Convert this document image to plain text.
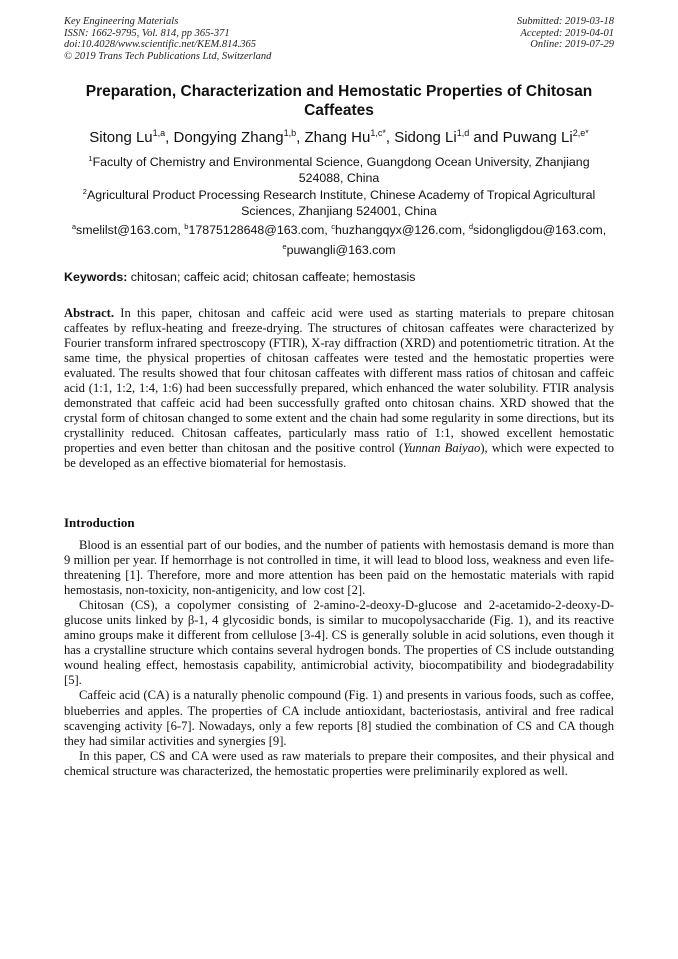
Key Engineering Materials
ISSN: 1662-9795, Vol. 814, pp 365-371
doi:10.4028/www.scientific.net/KEM.814.365
© 2019 Trans Tech Publications Ltd, Switzerland
Submitted: 2019-03-18
Accepted: 2019-04-01
Online: 2019-07-29
Preparation, Characterization and Hemostatic Properties of Chitosan
Caffeates
Sitong Lu$^{1,a}$, Dongying Zhang$^{1,b}$, Zhang $Hu^{1,c*}$, Sidong Li$^{1,d}$ and Puwang $Li^{2,e*}$
$^1$Faculty of Chemistry and Environmental Science, Guangdong Ocean University, Zhanjiang
524088, China
$^2$Agricultural Product Processing Research Institute, Chinese Academy of Tropical Agricultural
Sciences, Zhanjiang 524001, China
$^a$smelilst@163.com, $^b$17875128648@163.com, $^c$huzhangqyx@126.com, $^d$sidongligdou@163.com,
$^e$puwangli@163.com
Keywords: chitosan; caffeic acid; chitosan caffeate; hemostasis
Abstract. In this paper, chitosan and caffeic acid were used as starting materials to prepare chitosan caffeates by reflux-heating and freeze-drying. The structures of chitosan caffeates were characterized by Fourier transform infrared spectroscopy (FTIR), X-ray diffraction (XRD) and potentiometric titration. At the same time, the physical properties of chitosan caffeates were tested and the hemostatic properties were evaluated. The results showed that four chitosan caffeates with different mass ratios of chitosan and caffeic acid (1:1, 1:2, 1:4, 1:6) had been successfully prepared, which enhanced the water solubility. FTIR analysis demonstrated that caffeic acid had been successfully grafted onto chitosan chains. XRD showed that the crystal form of chitosan changed to some extent and the chain had some regularity in some directions, but its crystallinity reduced. Chitosan caffeates, particularly mass ratio of 1:1, showed excellent hemostatic properties and even better than chitosan and the positive control (Yunnan Baiyao), which were expected to be developed as an effective biomaterial for hemostasis.
Introduction

Blood is an essential part of our bodies, and the number of patients with hemostasis demand is more than 9 million per year. If hemorrhage is not controlled in time, it will lead to blood loss, weakness and even life-threatening [1]. Therefore, more and more attention has been paid on the hemostatic materials with rapid hemostasis, non-toxicity, non-antigenicity, and low cost [2].

Chitosan (CS), a copolymer consisting of 2-amino-2-deoxy-D-glucose and 2-acetamido-2-deoxy-D-glucose units linked by β-1, 4 glycosidic bonds, is similar to mucopolysaccharide (Fig. 1), and its reactive amino groups make it different from cellulose [3-4]. CS is generally soluble in acid solutions, even though it has a crystalline structure which contains several hydrogen bonds. The properties of CS include outstanding wound healing effect, hemostasis capability, antimicrobial activity, biocompatibility and biodegradability [5].

Caffeic acid (CA) is a naturally phenolic compound (Fig. 1) and presents in various foods, such as coffee, blueberries and apples. The properties of CA include antioxidant, bacteriostasis, antiviral and free radical scavenging activity [6-7]. Nowadays, only a few reports [8] studied the combination of CS and CA though they had similar activities and synergies [9].

In this paper, CS and CA were used as raw materials to prepare their composites, and their physical and chemical structure was characterized, the hemostatic properties were preliminarily explored as well.
